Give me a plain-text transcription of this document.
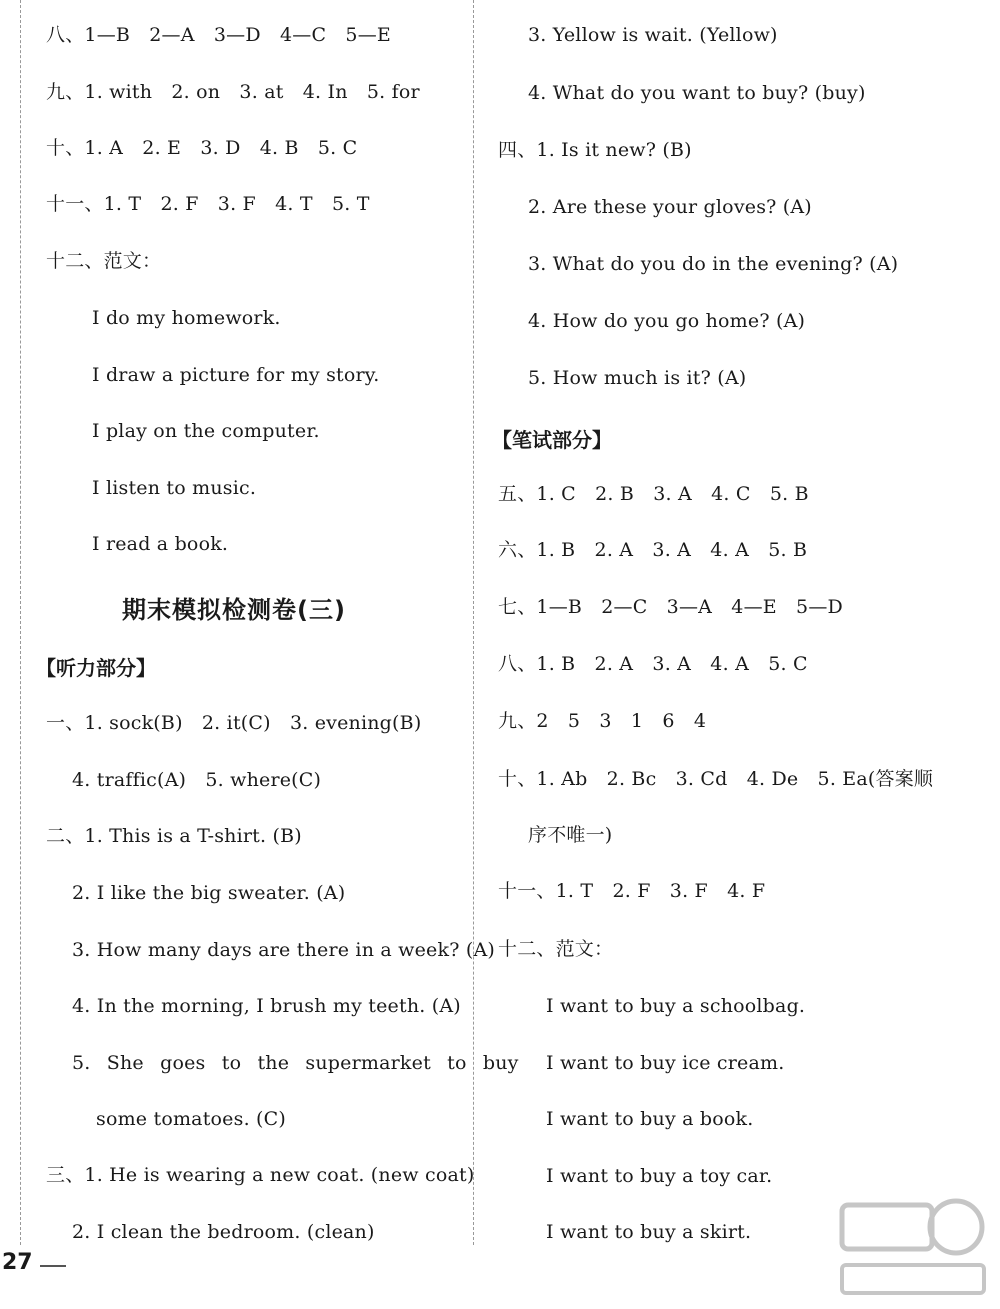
八、1—B　2—A　3—D　4—C　5—E
九、1. with　2. on　3. at　4. In　5. for
十、1. A　2. E　3. D　4. B　5. C
十一、1. T　2. F　3. F　4. T　5. T
十二、范文：
I do my homework.
I draw a picture for my story.
I play on the computer.
I listen to music.
I read a book.
期末模拟检测卷(三)
【听力部分】
一、1. sock(B)　2. it(C)　3. evening(B)
4. traffic(A)　5. where(C)
二、1. This is a T-shirt. (B)
2. I like the big sweater. (A)
3. How many days are there in a week? (A)
4. In the morning, I brush my teeth. (A)
5. She goes to the supermarket to buy
some tomatoes. (C)
三、1. He is wearing a new coat. (new coat)
2. I clean the bedroom. (clean)
3. Yellow is wait. (Yellow)
4. What do you want to buy? (buy)
四、1. Is it new? (B)
2. Are these your gloves? (A)
3. What do you do in the evening? (A)
4. How do you go home? (A)
5. How much is it? (A)
【笔试部分】
五、1. C　2. B　3. A　4. C　5. B
六、1. B　2. A　3. A　4. A　5. B
七、1—B　2—C　3—A　4—E　5—D
八、1. B　2. A　3. A　4. A　5. C
九、2　5　3　1　6　4
十、1. Ab　2. Bc　3. Cd　4. De　5. Ea(答案顺
序不唯一)
十一、1. T　2. F　3. F　4. F
十二、范文：
I want to buy a schoolbag.
I want to buy ice cream.
I want to buy a book.
I want to buy a toy car.
I want to buy a skirt.
27
